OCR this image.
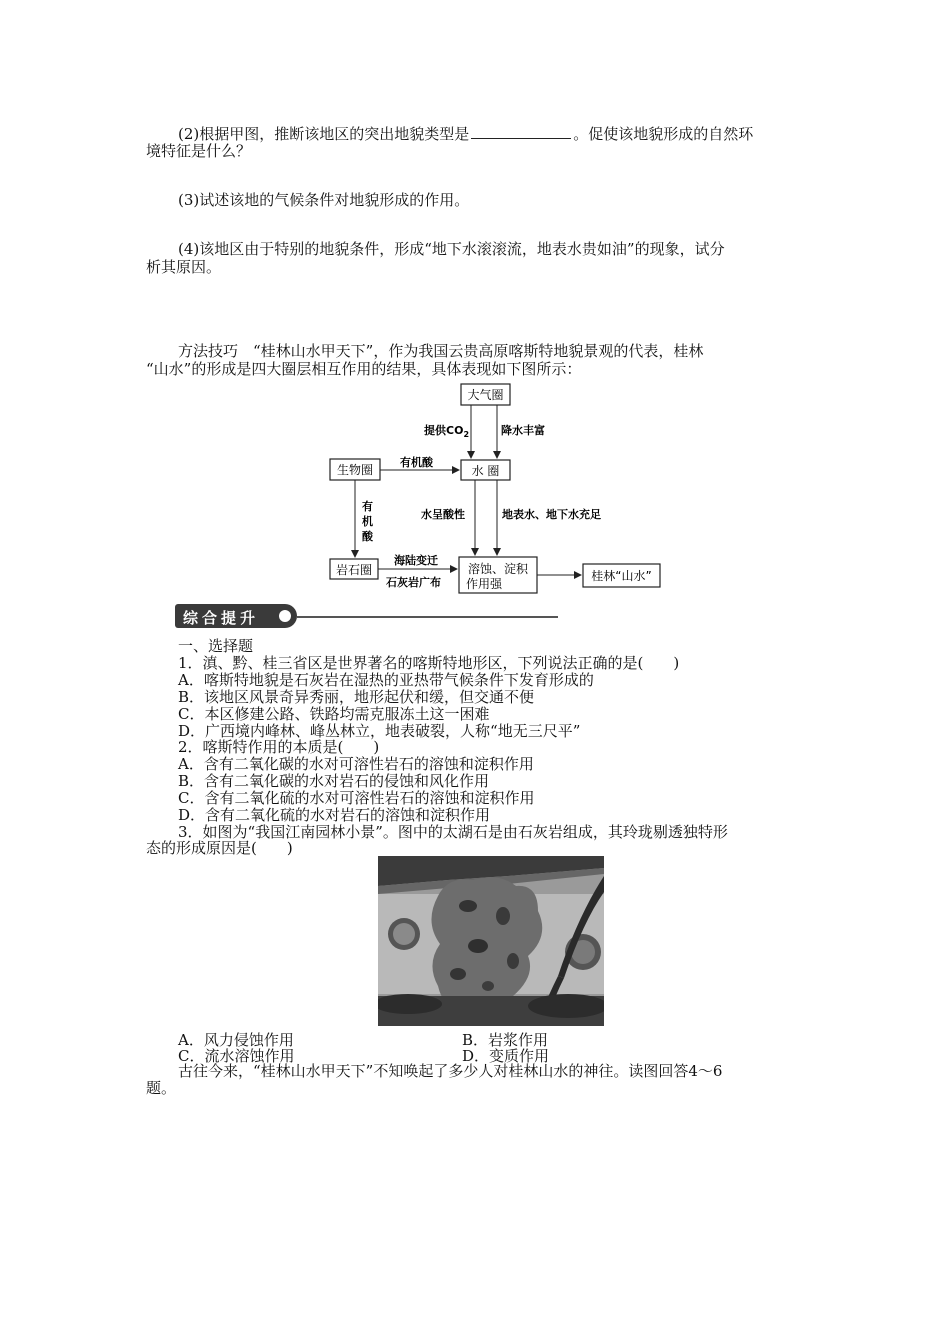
(2)根据甲图，推断该地区的突出地貌类型是	。促使该地貌形成的自然环
境特征是什么？
(3)试述该地的气候条件对地貌形成的作用。
(4)该地区由于特别的地貌条件，形成“地下水滚滚流，地表水贵如油”的现象，试分
析其原因。
方法技巧　“桂林山水甲天下”，作为我国云贵高原喀斯特地貌景观的代表，桂林
“山水”的形成是四大圈层相互作用的结果，具体表现如下图所示：
大气圈
水 圈
生物圈
岩石圈	溶蚀、淀积
作用强
桂林“山水”
提供$CO_2$	降水丰富
有机酸
有
机
酸
水呈酸性	地表水、地下水充足
海陆变迁
石灰岩广布
综合提升
一、选择题
1．滇、黔、桂三省区是世界著名的喀斯特地形区，下列说法正确的是(　　)
A．喀斯特地貌是石灰岩在湿热的亚热带气候条件下发育形成的
B．该地区风景奇异秀丽，地形起伏和缓，但交通不便
C．本区修建公路、铁路均需克服冻土这一困难
D．广西境内峰林、峰丛林立，地表破裂，人称“地无三尺平”
2．喀斯特作用的本质是(　　)
A．含有二氧化碳的水对可溶性岩石的溶蚀和淀积作用
B．含有二氧化碳的水对岩石的侵蚀和风化作用
C．含有二氧化硫的水对可溶性岩石的溶蚀和淀积作用
D．含有二氧化硫的水对岩石的溶蚀和淀积作用
3．如图为“我国江南园林小景”。图中的太湖石是由石灰岩组成，其玲珑剔透独特形
态的形成原因是(　　)
A．风力侵蚀作用	B．岩浆作用
C．流水溶蚀作用	D．变质作用
古往今来，“桂林山水甲天下”不知唤起了多少人对桂林山水的神往。读图回答4～6
题。
